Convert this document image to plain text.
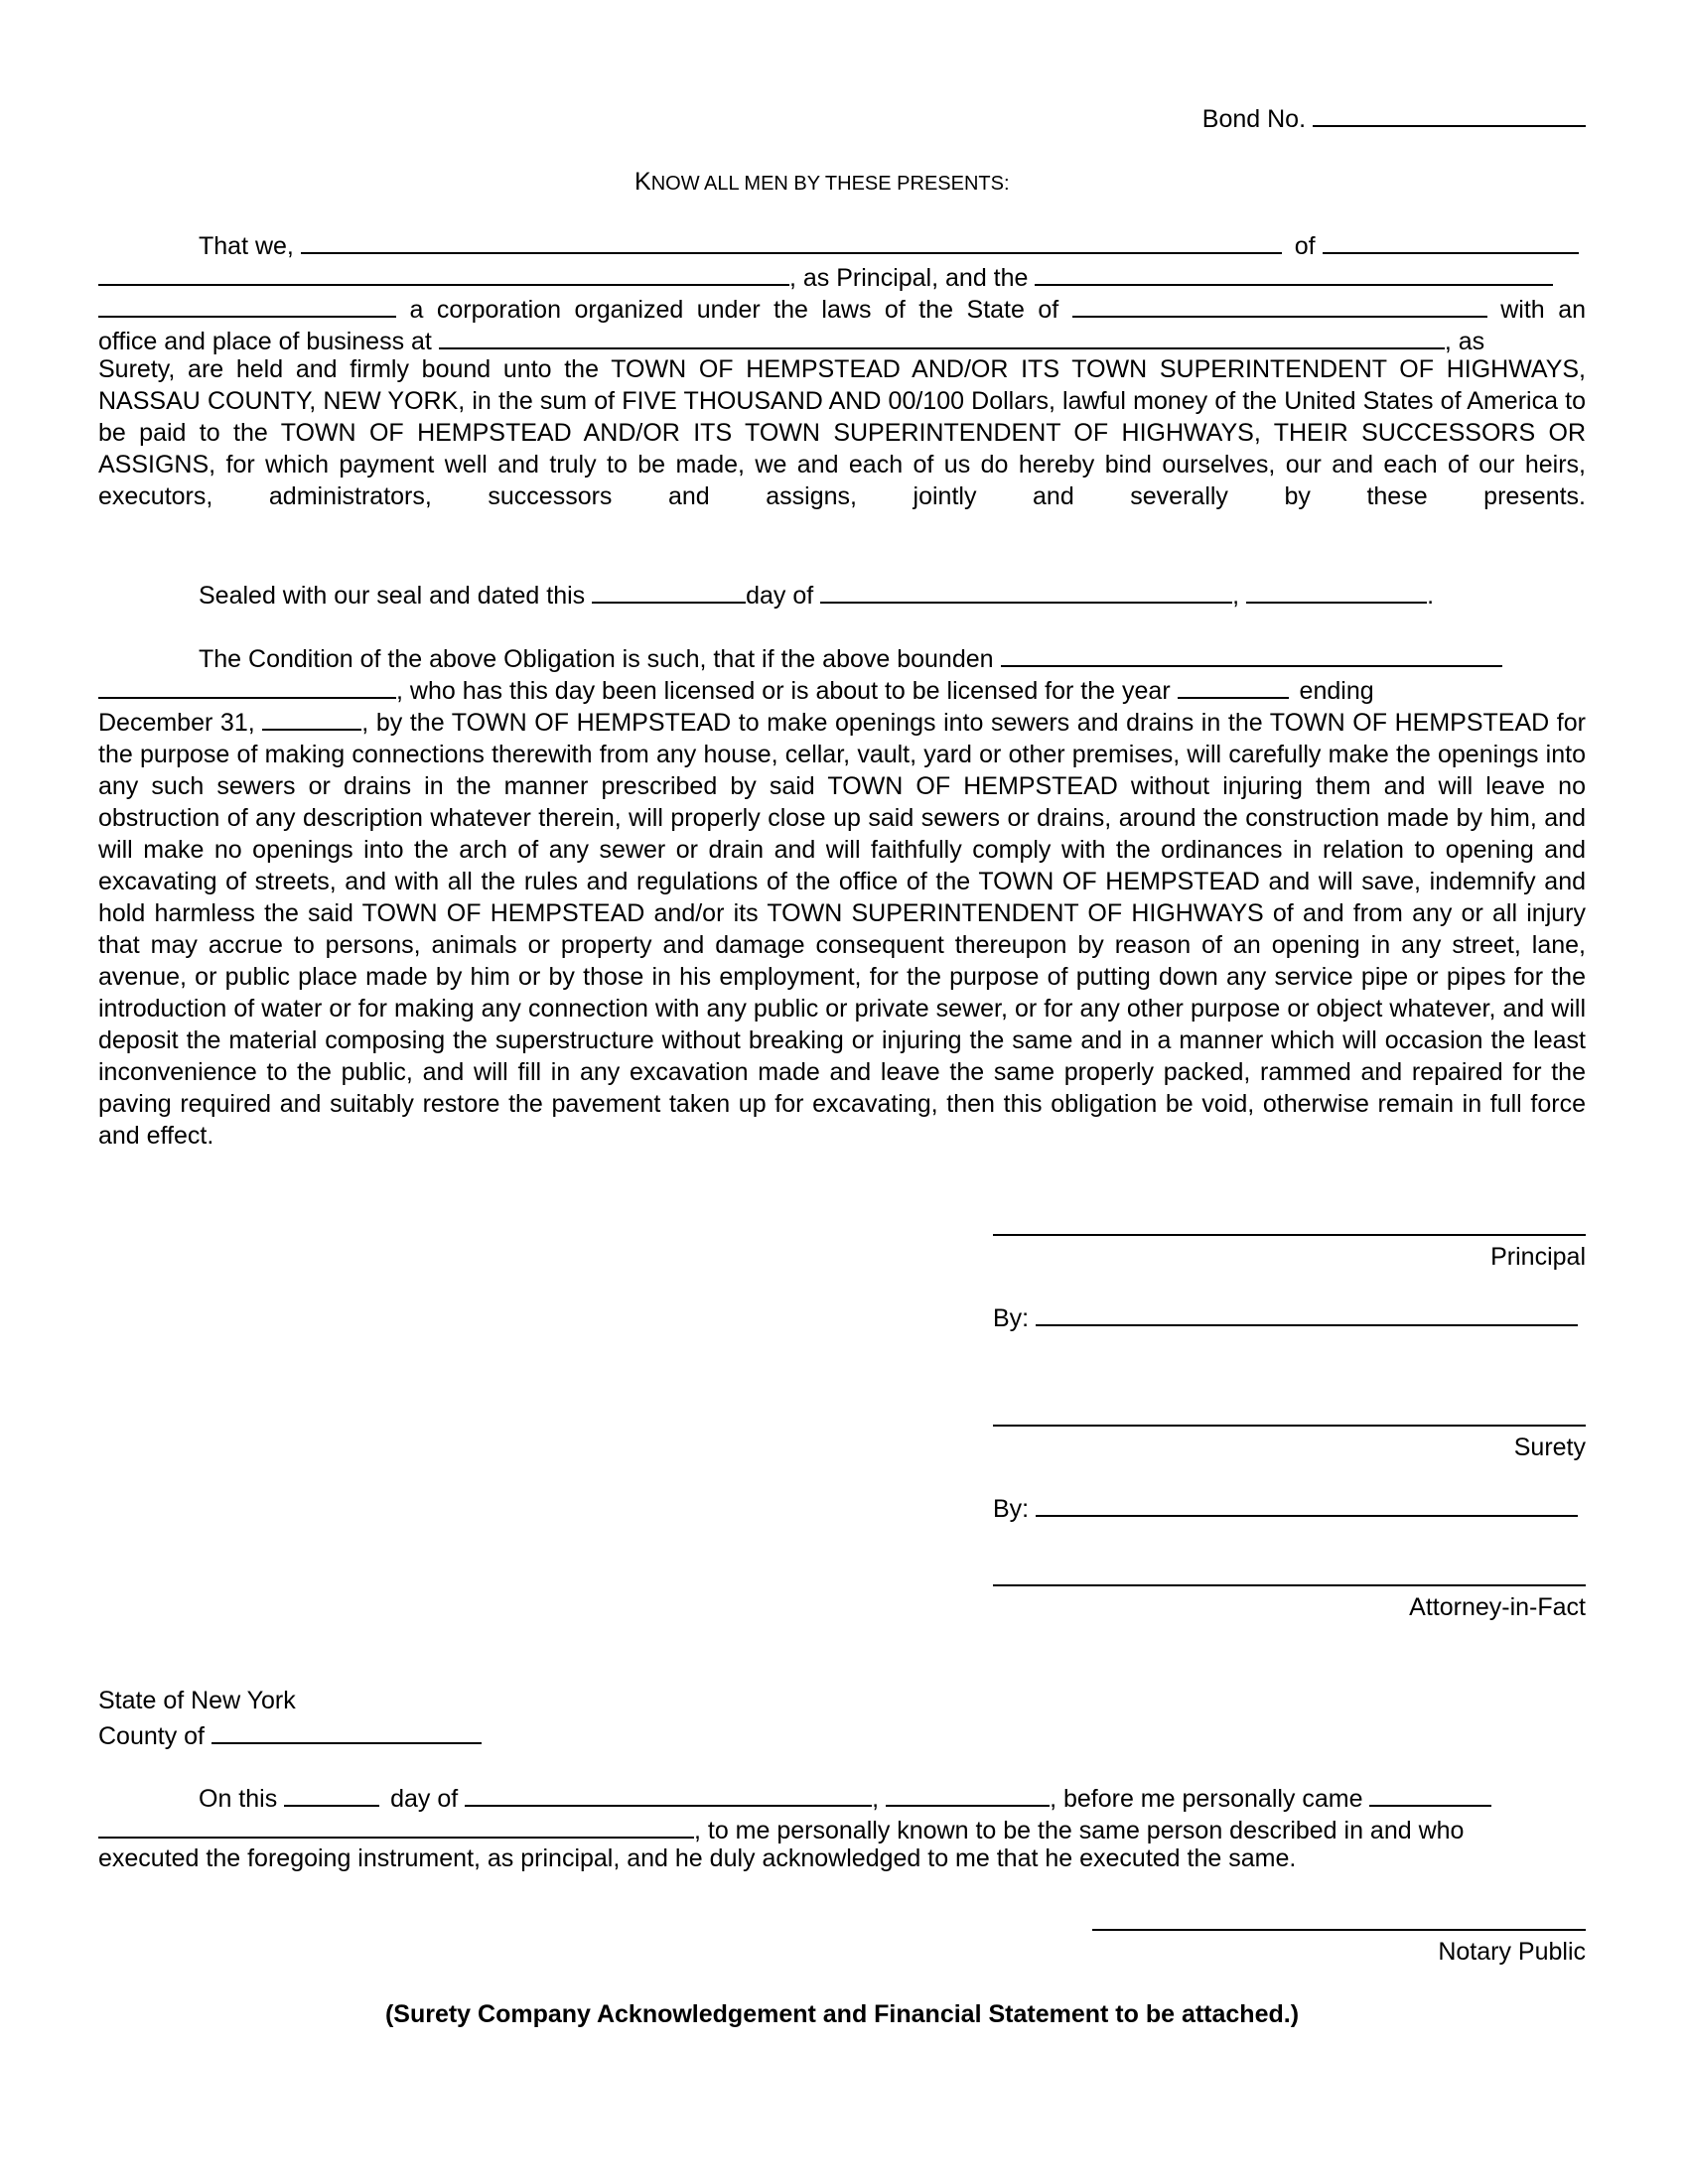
Bond No.
KNOW ALL MEN BY THESE PRESENTS:
That we,	of
, as Principal, and the
a corporation organized under the laws of the State of	with an
office and place of business at	, as
Surety, are held and firmly bound unto the TOWN OF HEMPSTEAD AND/OR ITS TOWN SUPERINTENDENT OF HIGHWAYS, NASSAU COUNTY, NEW YORK, in the sum of FIVE THOUSAND AND 00/100 Dollars, lawful money of the United States of America to be paid to the TOWN OF HEMPSTEAD AND/OR ITS TOWN SUPERINTENDENT OF HIGHWAYS, THEIR SUCCESSORS OR ASSIGNS, for which payment well and truly to be made, we and each of us do hereby bind ourselves, our and each of our heirs, executors, administrators, successors and assigns, jointly and severally by these presents.
Sealed with our seal and dated this	day of	,	.
The Condition of the above Obligation is such, that if the above bounden
, who has this day been licensed or is about to be licensed for the year	ending
December 31,	, by the TOWN OF HEMPSTEAD to make openings into sewers and drains in the TOWN OF HEMPSTEAD for the purpose of making connections therewith from any house, cellar, vault, yard or other premises, will carefully make the openings into any such sewers or drains in the manner prescribed by said TOWN OF HEMPSTEAD without injuring them and will leave no obstruction of any description whatever therein, will properly close up said sewers or drains, around the construction made by him, and will make no openings into the arch of any sewer or drain and will faithfully comply with the ordinances in relation to opening and excavating of streets, and with all the rules and regulations of the office of the TOWN OF HEMPSTEAD and will save, indemnify and hold harmless the said TOWN OF HEMPSTEAD and/or its TOWN SUPERINTENDENT OF HIGHWAYS of and from any or all injury that may accrue to persons, animals or property and damage consequent thereupon by reason of an opening in any street, lane, avenue, or public place made by him or by those in his employment, for the purpose of putting down any service pipe or pipes for the introduction of water or for making any connection with any public or private sewer, or for any other purpose or object whatever, and will deposit the material composing the superstructure without breaking or injuring the same and in a manner which will occasion the least inconvenience to the public, and will fill in any excavation made and leave the same properly packed, rammed and repaired for the paving required and suitably restore the pavement taken up for excavating, then this obligation be void, otherwise remain in full force and effect.
Principal
By:
Surety
By:
Attorney-in-Fact
State of New York
County of
On this	day of	,	, before me personally came
, to me personally known to be the same person described in and who
executed the foregoing instrument, as principal, and he duly acknowledged to me that he executed the same.
Notary Public
(Surety Company Acknowledgement and Financial Statement to be attached.)
